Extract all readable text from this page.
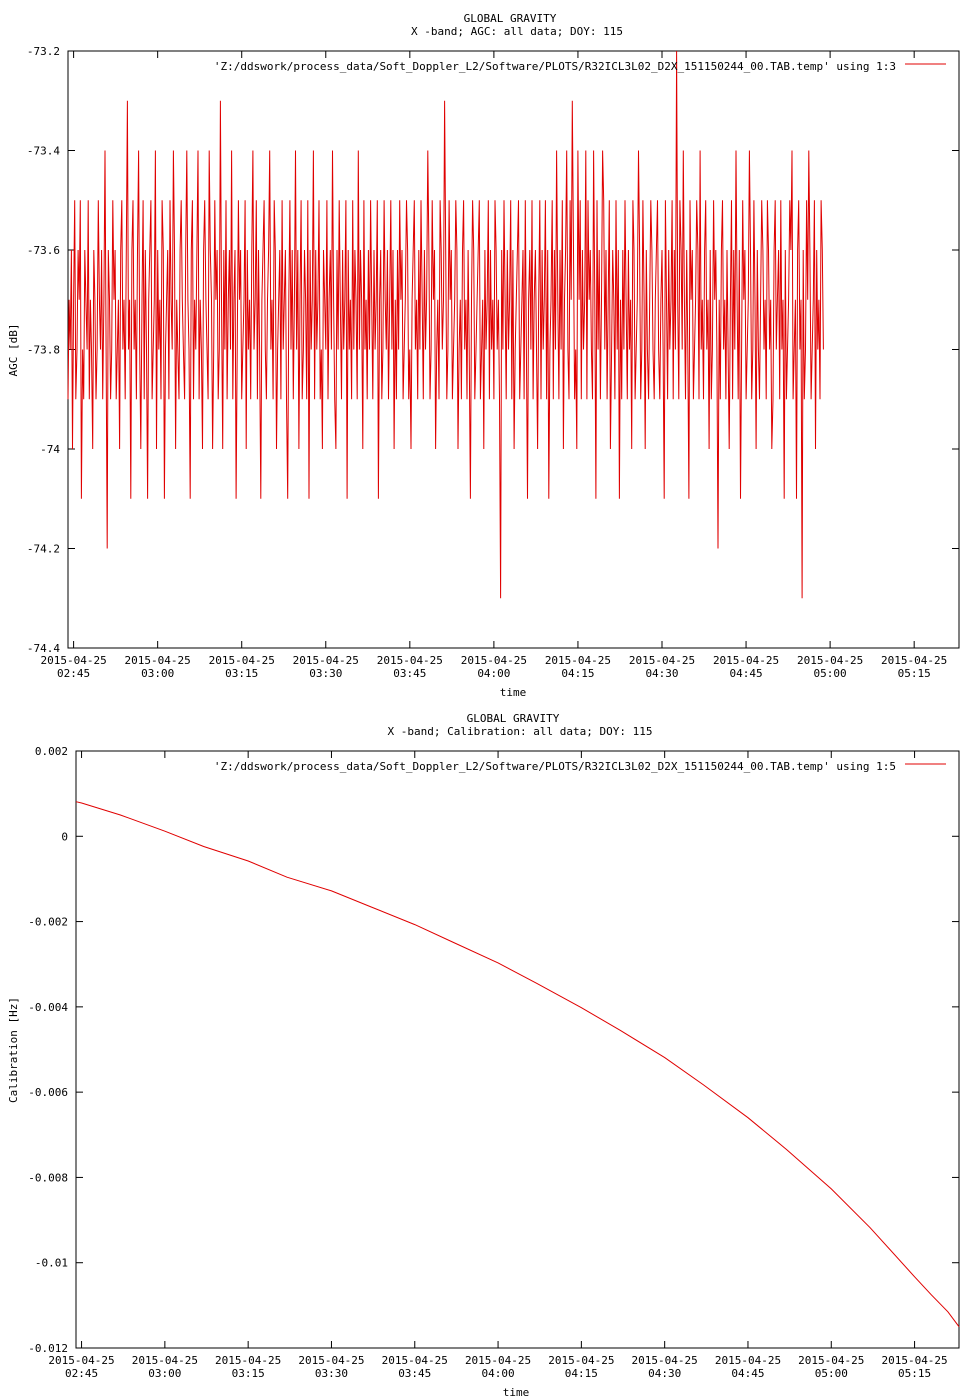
GLOBAL GRAVITY
X -band; AGC: all data; DOY: 115
-73.2
-73.4
-73.6
-73.8
-74
-74.2
-74.4
2015-04-25
02:45
2015-04-25
03:00
2015-04-25
03:15
2015-04-25
03:30
2015-04-25
03:45
2015-04-25
04:00
2015-04-25
04:15
2015-04-25
04:30
2015-04-25
04:45
2015-04-25
05:00
2015-04-25
05:15
'Z:/ddswork/process_data/Soft_Doppler_L2/Software/PLOTS/R32ICL3L02_D2X_151150244_00.TAB.temp' using 1:3
time
AGC [dB]
GLOBAL GRAVITY
X -band; Calibration: all data; DOY: 115
0.002
0
-0.002
-0.004
-0.006
-0.008
-0.01
-0.012
2015-04-25
02:45
2015-04-25
03:00
2015-04-25
03:15
2015-04-25
03:30
2015-04-25
03:45
2015-04-25
04:00
2015-04-25
04:15
2015-04-25
04:30
2015-04-25
04:45
2015-04-25
05:00
2015-04-25
05:15
'Z:/ddswork/process_data/Soft_Doppler_L2/Software/PLOTS/R32ICL3L02_D2X_151150244_00.TAB.temp' using 1:5
time
Calibration [Hz]
